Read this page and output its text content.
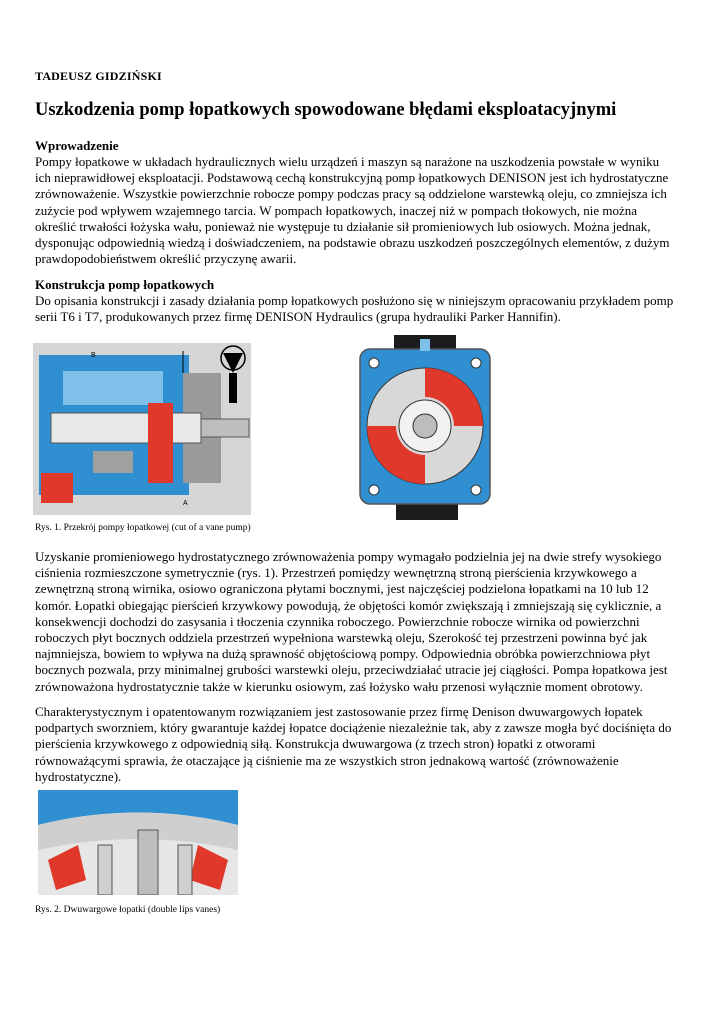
TADEUSZ GIDZIŃSKI
Uszkodzenia pomp łopatkowych spowodowane błędami eksploatacyjnymi
Wprowadzenie
Pompy łopatkowe w układach hydraulicznych wielu urządzeń i maszyn są narażone na uszkodzenia powstałe w wyniku ich nieprawidłowej eksploatacji. Podstawową cechą konstrukcyjną pomp łopatkowych DENISON jest ich hydrostatyczne zrównoważenie. Wszystkie powierzchnie robocze pompy podczas pracy są oddzielone warstewką oleju, co zmniejsza ich zużycie pod wpływem wzajemnego tarcia. W pompach łopatkowych, inaczej niż w pompach tłokowych, nie można określić trwałości łożyska wału, ponieważ nie występuje tu działanie sił promieniowych lub osiowych. Można jednak, dysponując odpowiednią wiedzą i doświadczeniem, na podstawie obrazu uszkodzeń poszczególnych elementów, z dużym prawdopodobieństwem określić przyczynę awarii.
Konstrukcja pomp łopatkowych
Do opisania konstrukcji i zasady działania pomp łopatkowych posłużono się w niniejszym opracowaniu przykładem pomp serii T6 i T7, produkowanych przez firmę DENISON Hydraulics (grupa hydrauliki Parker Hannifin).
B
A
Rys. 1. Przekrój pompy łopatkowej (cut of a vane pump)
Uzyskanie promieniowego hydrostatycznego zrównoważenia pompy wymagało podzielnia jej na dwie strefy wysokiego ciśnienia rozmieszczone symetrycznie (rys. 1). Przestrzeń pomiędzy wewnętrzną stroną pierścienia krzywkowego a zewnętrzną stroną wirnika, osiowo ograniczona płytami bocznymi, jest najczęściej podzielona łopatkami na 10 lub 12 komór. Łopatki obiegając pierścień krzywkowy powodują, że objętości komór zwiększają i zmniejszają się cyklicznie, a konsekwencji dochodzi do zasysania i tłoczenia czynnika roboczego. Powierzchnie robocze wirnika od powierzchni roboczych płyt bocznych oddziela przestrzeń wypełniona warstewką oleju, Szerokość tej przestrzeni powinna być jak najmniejsza, bowiem to wpływa na dużą sprawność objętościową pompy. Odpowiednia obróbka powierzchniowa płyt bocznych pozwala, przy minimalnej grubości warstewki oleju, przeciwdziałać utracie jej ciągłości. Pompa łopatkowa jest zrównoważona hydrostatycznie także w kierunku osiowym, zaś łożysko wału przenosi wyłącznie moment obrotowy.
Charakterystycznym i opatentowanym rozwiązaniem jest zastosowanie przez firmę Denison dwuwargowych łopatek podpartych sworzniem, który gwarantuje każdej łopatce dociążenie niezależnie tak, aby z zawsze mogła być dociśnięta do pierścienia krzywkowego z odpowiednią siłą. Konstrukcja dwuwargowa (z trzech stron) łopatki z otworami równoważącymi sprawia, że otaczające ją ciśnienie ma ze wszystkich stron jednakową wartość (zrównoważenie hydrostatyczne).
Rys. 2. Dwuwargowe łopatki (double lips vanes)
